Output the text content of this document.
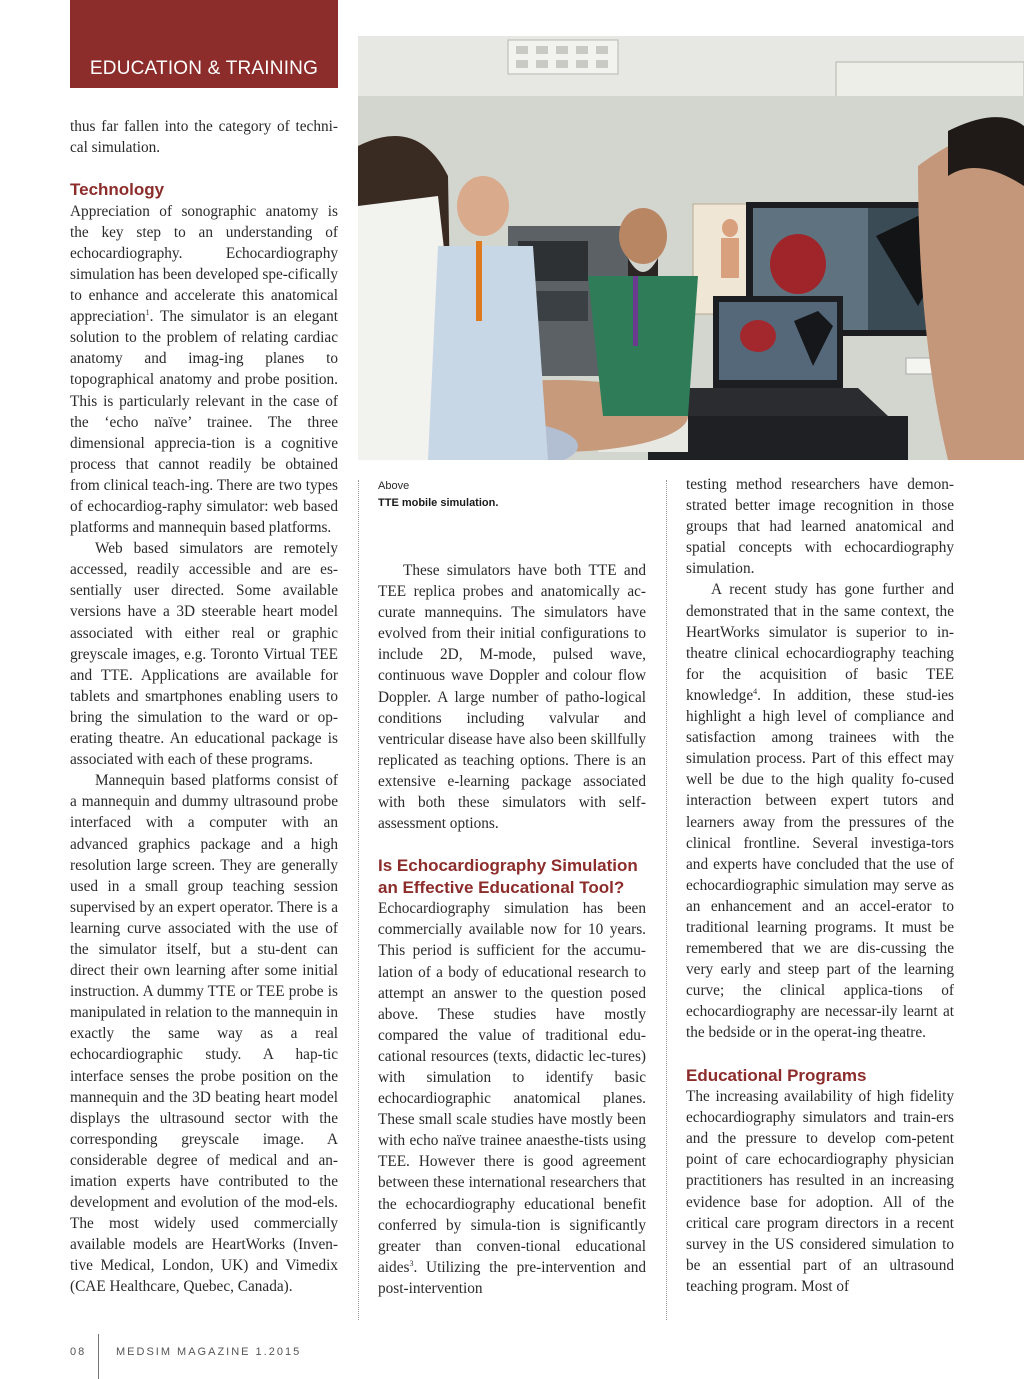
EDUCATION & TRAINING
Above
TTE mobile simulation.

thus far fallen into the category of techni-cal simulation.

Technology

Appreciation of sonographic anatomy is the key step to an understanding of echocardiography. Echocardiography simulation has been developed spe-cifically to enhance and accelerate this anatomical appreciation$^1$. The simulator is an elegant solution to the problem of relating cardiac anatomy and imag-ing planes to topographical anatomy and probe position. This is particularly relevant in the case of the ‘echo naïve’ trainee. The three dimensional apprecia-tion is a cognitive process that cannot readily be obtained from clinical teach-ing. There are two types of echocardiog-raphy simulator: web based platforms and mannequin based platforms.

Web based simulators are remotely accessed, readily accessible and are es-sentially user directed. Some available versions have a 3D steerable heart model associated with either real or graphic greyscale images, e.g. Toronto Virtual TEE and TTE. Applications are available for tablets and smartphones enabling users to bring the simulation to the ward or op-erating theatre. An educational package is associated with each of these programs.

Mannequin based platforms consist of a mannequin and dummy ultrasound probe interfaced with a computer with an advanced graphics package and a high resolution large screen. They are generally used in a small group teaching session supervised by an expert operator. There is a learning curve associated with the use of the simulator itself, but a stu-dent can direct their own learning after some initial instruction. A dummy TTE or TEE probe is manipulated in relation to the mannequin in exactly the same way as a real echocardiographic study. A hap-tic interface senses the probe position on the mannequin and the 3D beating heart model displays the ultrasound sector with the corresponding greyscale image. A considerable degree of medical and an-imation experts have contributed to the development and evolution of the mod-els. The most widely used commercially available models are HeartWorks (Inven-tive Medical, London, UK) and Vimedix (CAE Healthcare, Quebec, Canada).

These simulators have both TTE and TEE replica probes and anatomically ac-curate mannequins. The simulators have evolved from their initial configurations to include 2D, M-mode, pulsed wave, continuous wave Doppler and colour flow Doppler. A large number of patho-logical conditions including valvular and ventricular disease have also been skillfully replicated as teaching options. There is an extensive e-learning package associated with both these simulators with self-assessment options.

Is Echocardiography Simulation an Effective Educational Tool?

Echocardiography simulation has been commercially available now for 10 years. This period is sufficient for the accumu-lation of a body of educational research to attempt an answer to the question posed above. These studies have mostly compared the value of traditional edu-cational resources (texts, didactic lec-tures) with simulation to identify basic echocardiographic anatomical planes. These small scale studies have mostly been with echo naïve trainee anaesthe-tists using TEE. However there is good agreement between these international researchers that the echocardiography educational benefit conferred by simula-tion is significantly greater than conven-tional educational aides$^3$. Utilizing the pre-intervention and post-intervention

testing method researchers have demon-strated better image recognition in those groups that had learned anatomical and spatial concepts with echocardiography simulation.

A recent study has gone further and demonstrated that in the same context, the HeartWorks simulator is superior to in-theatre clinical echocardiography teaching for the acquisition of basic TEE knowledge$^4$. In addition, these stud-ies highlight a high level of compliance and satisfaction among trainees with the simulation process. Part of this effect may well be due to the high quality fo-cused interaction between expert tutors and learners away from the pressures of the clinical frontline. Several investiga-tors and experts have concluded that the use of echocardiographic simulation may serve as an enhancement and an accel-erator to traditional learning programs. It must be remembered that we are dis-cussing the very early and steep part of the learning curve; the clinical applica-tions of echocardiography are necessar-ily learnt at the bedside or in the operat-ing theatre.

Educational Programs

The increasing availability of high fidelity echocardiography simulators and train-ers and the pressure to develop com-petent point of care echocardiography physician practitioners has resulted in an increasing evidence base for adoption. All of the critical care program directors in a recent survey in the US considered simulation to be an essential part of an ultrasound teaching program. Most of

08	MEDSIM MAGAZINE 1.2015
